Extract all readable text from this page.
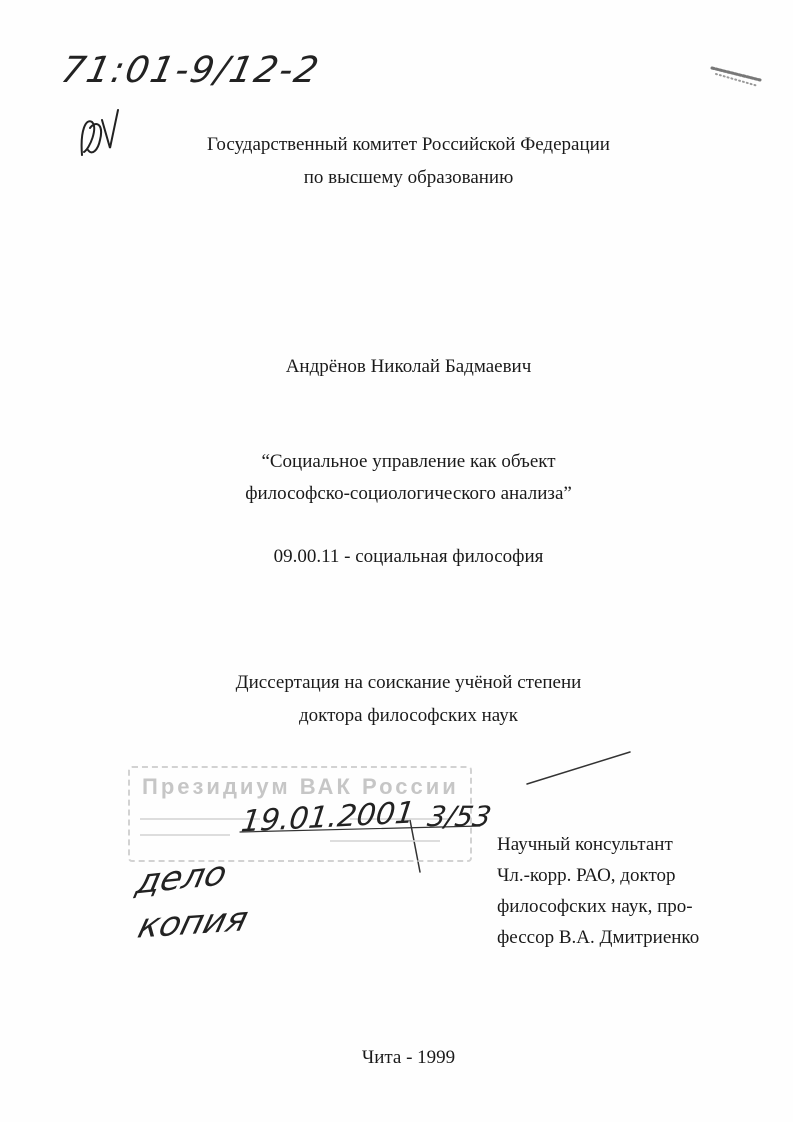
71:01-9/12-2
Государственный комитет Российской Федерации
по высшему образованию
Андрёнов Николай Бадмаевич
“Социальное управление как объект
философско-социологического анализа”
09.00.11 - социальная философия
Диссертация на соискание учёной степени
доктора философских наук
Президиум ВАК России
19.01.2001 3/53
дело
копия
Научный консультант
Чл.-корр. РАО, доктор
философских наук, про-
фессор В.А. Дмитриенко
Чита - 1999
